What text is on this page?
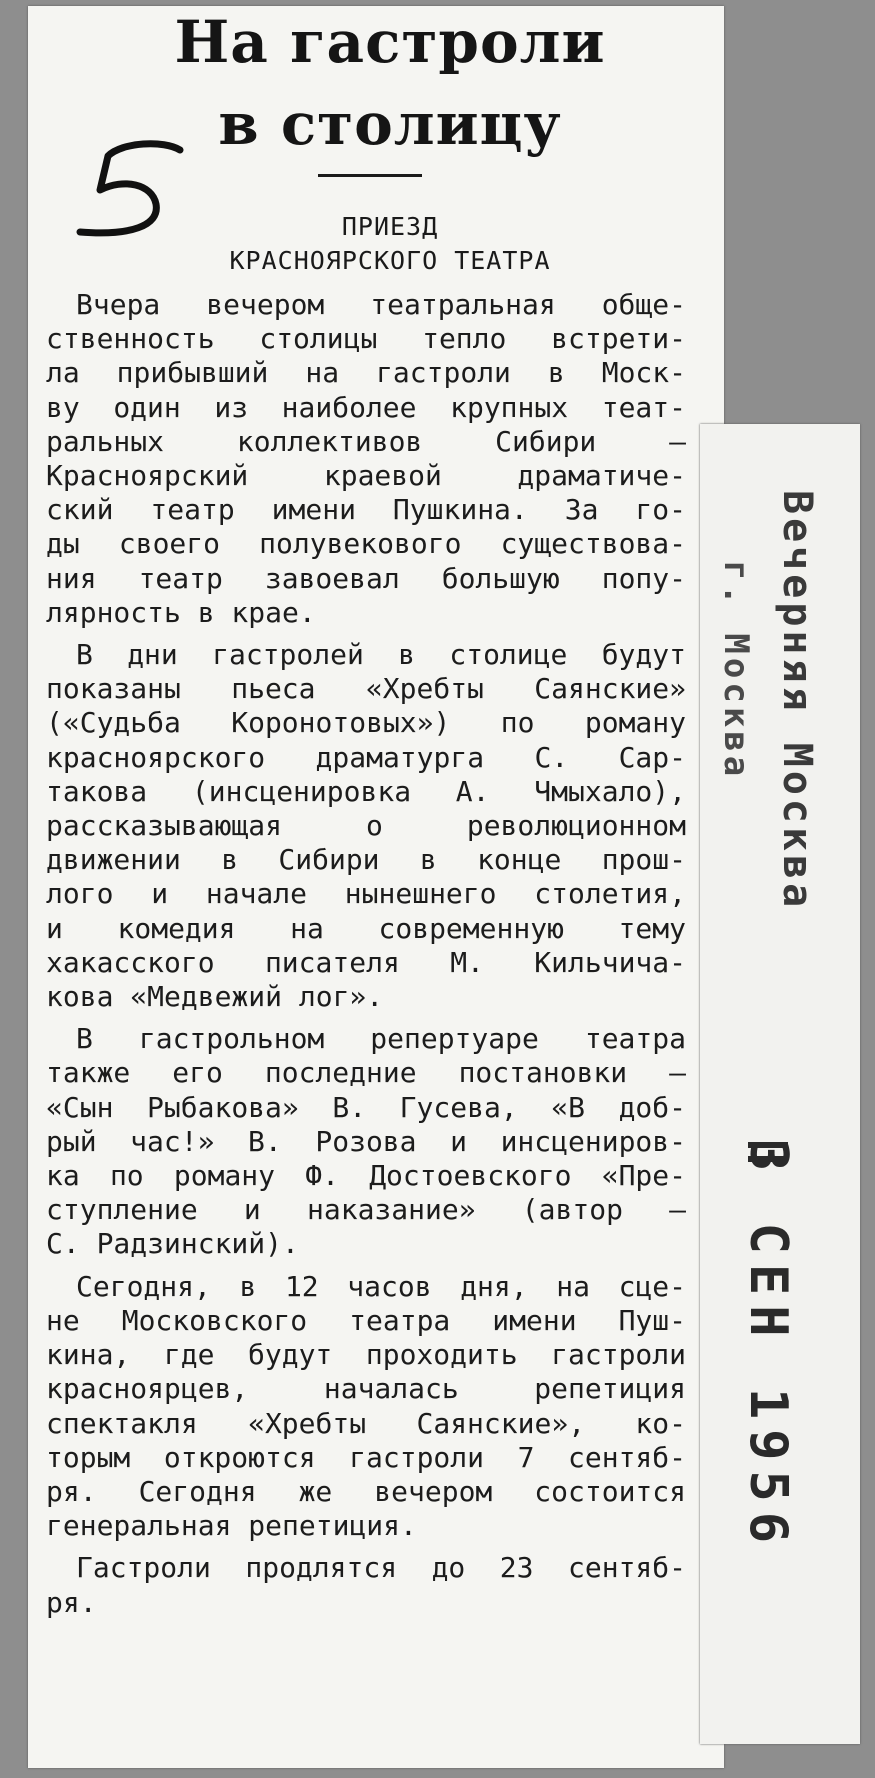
На гастроли
в столицу
ПРИЕЗД
КРАСНОЯРСКОГО ТЕАТРА
Вчера вечером театральная обще-
ственность столицы тепло встрети-
ла прибывший на гастроли в Моск-
ву один из наиболее крупных теат-
ральных коллективов Сибири —
Красноярский краевой драматиче-
ский театр имени Пушкина. За го-
ды своего полувекового существова-
ния театр завоевал большую попу-
лярность в крае.
В дни гастролей в столице будут
показаны пьеса «Хребты Саянские»
(«Судьба Коронотовых») по роману
красноярского драматурга С. Сар-
такова (инсценировка А. Чмыхало),
рассказывающая о революционном
движении в Сибири в конце прош-
лого и начале нынешнего столетия,
и комедия на современную тему
хакасского писателя М. Кильчича-
кова «Медвежий лог».
В гастрольном репертуаре театра
также его последние постановки —
«Сын Рыбакова» В. Гусева, «В доб-
рый час!» В. Розова и инсцениров-
ка по роману Ф. Достоевского «Пре-
ступление и наказание» (автор —
С. Радзинский).
Сегодня, в 12 часов дня, на сце-
не Московского театра имени Пуш-
кина, где будут проходить гастроли
красноярцев, началась репетиция
спектакля «Хребты Саянские», ко-
торым откроются гастроли 7 сентяб-
ря. Сегодня же вечером состоится
генеральная репетиция.
Гастроли продлятся до 23 сентяб-
ря.
Вечерняя Москва
г. Москва
3 СЕН 1956
